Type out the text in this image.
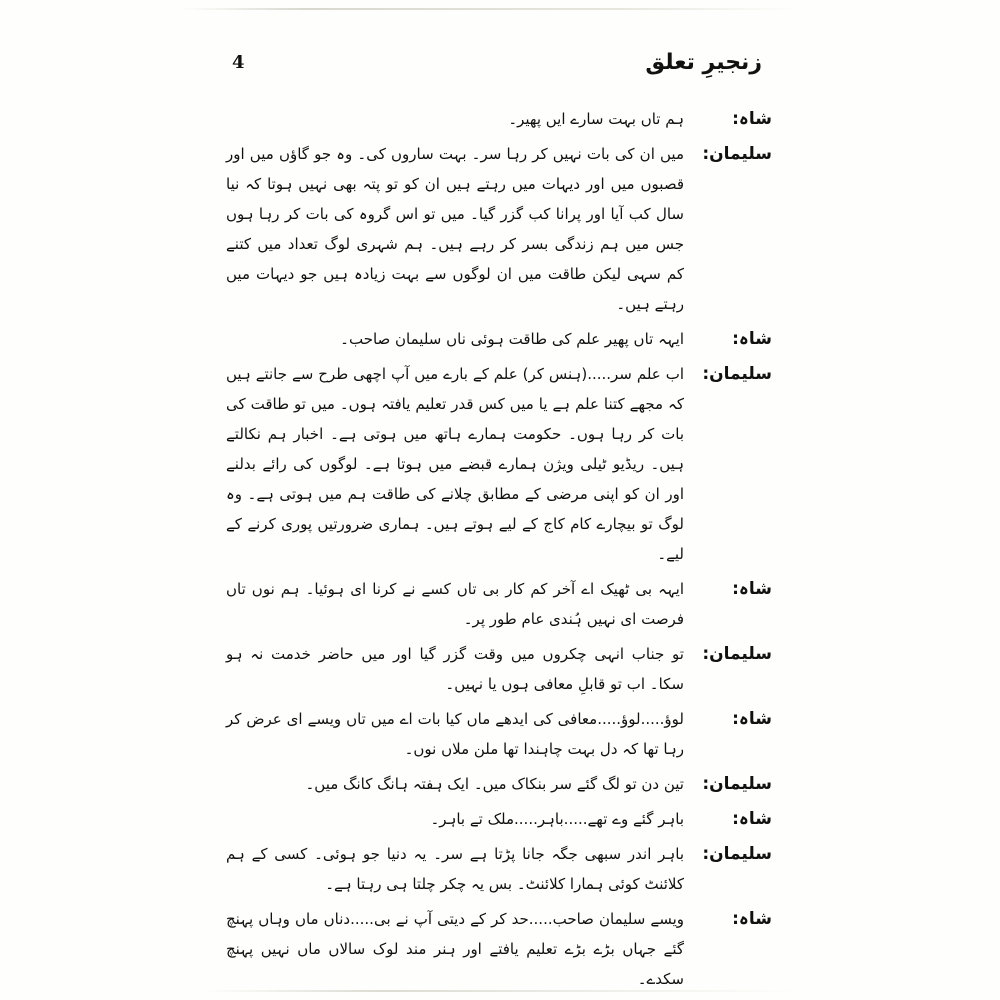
4	زنجیرِ تعلق
شاہ:
ہم تاں بہت سارے ایں پھیر۔
سلیمان:
میں ان کی بات نہیں کر رہا سر۔ بہت ساروں کی۔ وہ جو گاؤں میں اور قصبوں میں اور دیہات میں رہتے ہیں ان کو تو پتہ بھی نہیں ہوتا کہ نیا سال کب آیا اور پرانا کب گزر گیا۔ میں تو اس گروہ کی بات کر رہا ہوں جس میں ہم زندگی بسر کر رہے ہیں۔ ہم شہری لوگ تعداد میں کتنے کم سہی لیکن طاقت میں ان لوگوں سے بہت زیادہ ہیں جو دیہات میں رہتے ہیں۔
شاہ:
ایہہ تاں پھیر علم کی طاقت ہوئی ناں سلیمان صاحب۔
سلیمان:
اب علم سر.....(ہنس کر) علم کے بارے میں آپ اچھی طرح سے جانتے ہیں کہ مجھے کتنا علم ہے یا میں کس قدر تعلیم یافتہ ہوں۔ میں تو طاقت کی بات کر رہا ہوں۔ حکومت ہمارے ہاتھ میں ہوتی ہے۔ اخبار ہم نکالتے ہیں۔ ریڈیو ٹیلی ویژن ہمارے قبضے میں ہوتا ہے۔ لوگوں کی رائے بدلنے اور ان کو اپنی مرضی کے مطابق چلانے کی طاقت ہم میں ہوتی ہے۔ وہ لوگ تو بیچارے کام کاج کے لیے ہوتے ہیں۔ ہماری ضرورتیں پوری کرنے کے لیے۔
شاہ:
ایہہ بی ٹھیک اے آخر کم کار بی تاں کسے نے کرنا ای ہوئیا۔ ہم نوں تاں فرصت ای نہیں ہُندی عام طور پر۔
سلیمان:
تو جناب انہی چکروں میں وقت گزر گیا اور میں حاضر خدمت نہ ہو سکا۔ اب تو قابلِ معافی ہوں یا نہیں۔
شاہ:
لوؤ.....لوؤ.....معافی کی ایدھے ماں کیا بات اے میں تاں ویسے ای عرض کر رہا تھا کہ دل بہت چاہندا تھا ملن ملاں نوں۔
سلیمان:
تین دن تو لگ گئے سر بنکاک میں۔ ایک ہفتہ ہانگ کانگ میں۔
شاہ:
باہر گئے وے تھے.....باہر.....ملک تے باہر۔
سلیمان:
باہر اندر سبھی جگہ جانا پڑتا ہے سر۔ یہ دنیا جو ہوئی۔ کسی کے ہم کلائنٹ کوئی ہمارا کلائنٹ۔ بس یہ چکر چلتا ہی رہتا ہے۔
شاہ:
ویسے سلیمان صاحب.....حد کر کے دیتی آپ نے بی.....دناں ماں وہاں پہنچ گئے جہاں بڑے بڑے تعلیم یافتے اور ہنر مند لوک سالاں ماں نہیں پہنچ سکدے۔
